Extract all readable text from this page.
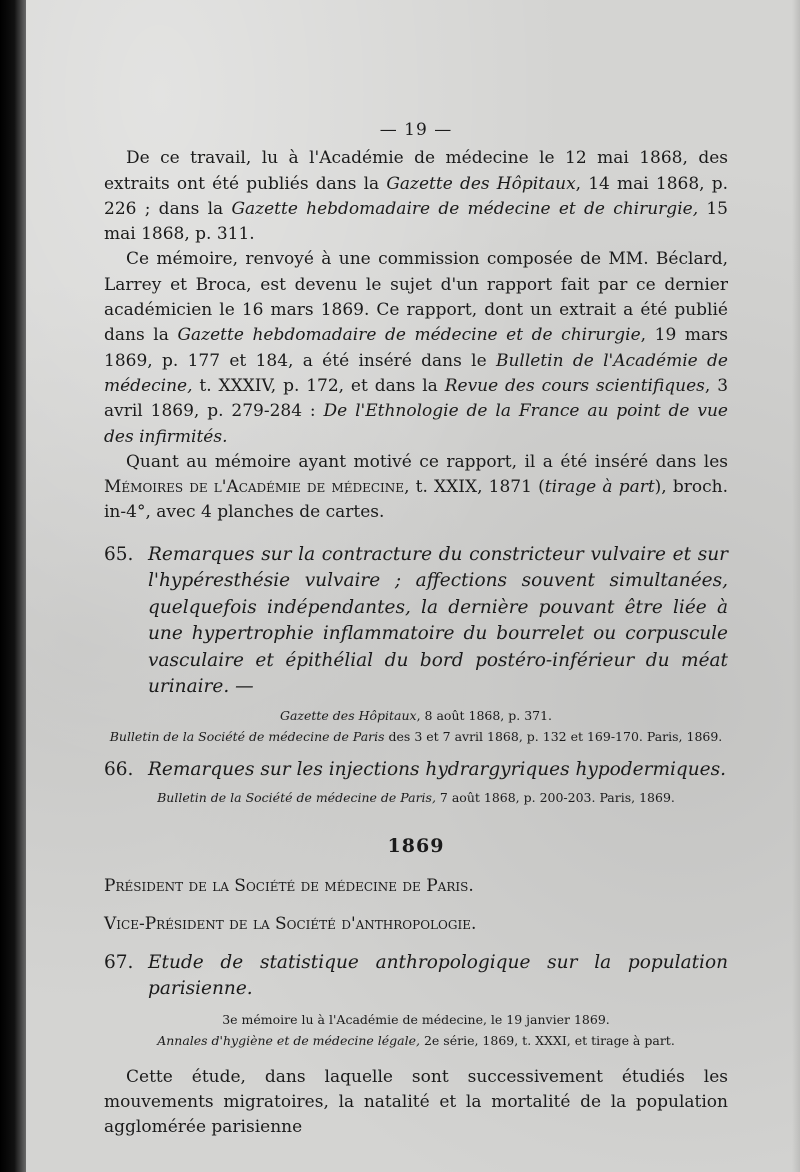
— 19 —

De ce travail, lu à l'Académie de médecine le 12 mai 1868, des extraits ont été publiés dans la Gazette des Hôpitaux, 14 mai 1868, p. 226 ; dans la Gazette hebdomadaire de médecine et de chirurgie, 15 mai 1868, p. 311.

Ce mémoire, renvoyé à une commission composée de MM. Béclard, Larrey et Broca, est devenu le sujet d'un rapport fait par ce dernier académicien le 16 mars 1869. Ce rapport, dont un extrait a été publié dans la Gazette hebdomadaire de médecine et de chirurgie, 19 mars 1869, p. 177 et 184, a été inséré dans le Bulletin de l'Académie de médecine, t. XXXIV, p. 172, et dans la Revue des cours scientifiques, 3 avril 1869, p. 279-284 : De l'Ethnologie de la France au point de vue des infirmités.

Quant au mémoire ayant motivé ce rapport, il a été inséré dans les Mémoires de l'Académie de médecine, t. XXIX, 1871 (tirage à part), broch. in-4°, avec 4 planches de cartes.

65. Remarques sur la contracture du constricteur vulvaire et sur l'hypéresthésie vulvaire ; affections souvent simultanées, quelquefois indépendantes, la dernière pouvant être liée à une hypertrophie inflammatoire du bourrelet ou corpuscule vasculaire et épithélial du bord postéro-inférieur du méat urinaire. —

Gazette des Hôpitaux, 8 août 1868, p. 371.

Bulletin de la Société de médecine de Paris des 3 et 7 avril 1868, p. 132 et 169-170. Paris, 1869.

66. Remarques sur les injections hydrargyriques hypodermiques.

Bulletin de la Société de médecine de Paris, 7 août 1868, p. 200-203. Paris, 1869.

1869
Président de la Société de médecine de Paris.
Vice-Président de la Société d'anthropologie.
67. Etude de statistique anthropologique sur la population parisienne.

3e mémoire lu à l'Académie de médecine, le 19 janvier 1869.

Annales d'hygiène et de médecine légale, 2e série, 1869, t. XXXI, et tirage à part.

Cette étude, dans laquelle sont successivement étudiés les mouvements migratoires, la natalité et la mortalité de la population agglomérée parisienne
